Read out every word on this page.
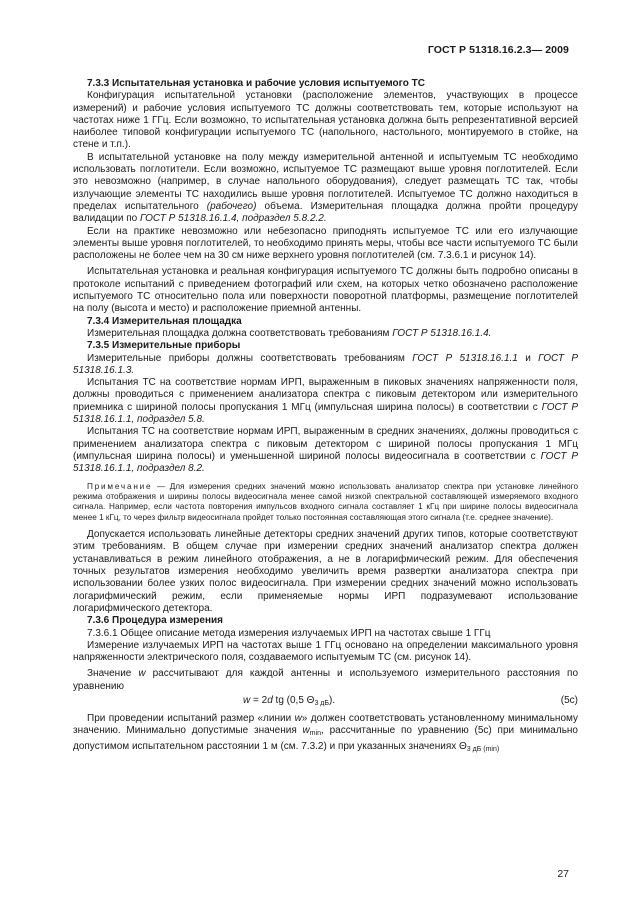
ГОСТ Р 51318.16.2.3— 2009

7.3.3 Испытательная установка и рабочие условия испытуемого ТС

Конфигурация испытательной установки (расположение элементов, участвующих в процессе измерений) и рабочие условия испытуемого ТС должны соответствовать тем, которые используют на частотах ниже 1 ГГц. Если возможно, то испытательная установка должна быть репрезентативной версией наиболее типовой конфигурации испытуемого ТС (напольного, настольного, монтируемого в стойке, на стене и т.п.).

В испытательной установке на полу между измерительной антенной и испытуемым ТС необходимо использовать поглотители. Если возможно, испытуемое ТС размещают выше уровня поглотителей. Если это невозможно (например, в случае напольного оборудования), следует размещать ТС так, чтобы излучающие элементы ТС находились выше уровня поглотителей. Испытуемое ТС должно находиться в пределах испытательного (рабочего) объема. Измерительная площадка должна пройти процедуру валидации по ГОСТ Р 51318.16.1.4, подраздел 5.8.2.2.

Если на практике невозможно или небезопасно приподнять испытуемое ТС или его излучающие элементы выше уровня поглотителей, то необходимо принять меры, чтобы все части испытуемого ТС были расположены не более чем на 30 см ниже верхнего уровня поглотителей (см. 7.3.6.1 и рисунок 14).

Испытательная установка и реальная конфигурация испытуемого ТС должны быть подробно описаны в протоколе испытаний с приведением фотографий или схем, на которых четко обозначено расположение испытуемого ТС относительно пола или поверхности поворотной платформы, размещение поглотителей на полу (высота и место) и расположение приемной антенны.

7.3.4 Измерительная площадка

Измерительная площадка должна соответствовать требованиям ГОСТ Р 51318.16.1.4.

7.3.5 Измерительные приборы

Измерительные приборы должны соответствовать требованиям ГОСТ Р 51318.16.1.1 и ГОСТ Р 51318.16.1.3.

Испытания ТС на соответствие нормам ИРП, выраженным в пиковых значениях напряженности поля, должны проводиться с применением анализатора спектра с пиковым детектором или измерительного приемника с шириной полосы пропускания 1 МГц (импульсная ширина полосы) в соответствии с ГОСТ Р 51318.16.1.1, подраздел 5.8.

Испытания ТС на соответствие нормам ИРП, выраженным в средних значениях, должны проводиться с применением анализатора спектра с пиковым детектором с шириной полосы пропускания 1 МГц (импульсная ширина полосы) и уменьшенной шириной полосы видеосигнала в соответствии с ГОСТ Р 51318.16.1.1, подраздел 8.2.

Примечание — Для измерения средних значений можно использовать анализатор спектра при установке линейного режима отображения и ширины полосы видеосигнала менее самой низкой спектральной составляющей измеряемого входного сигнала. Например, если частота повторения импульсов входного сигнала составляет 1 кГц при ширине полосы видеосигнала менее 1 кГц, то через фильтр видеосигнала пройдет только постоянная составляющая этого сигнала (т.е. среднее значение).

Допускается использовать линейные детекторы средних значений других типов, которые соответствуют этим требованиям. В общем случае при измерении средних значений анализатор спектра должен устанавливаться в режим линейного отображения, а не в логарифмический режим. Для обеспечения точных результатов измерения необходимо увеличить время развертки анализатора спектра при использовании более узких полос видеосигнала. При измерении средних значений можно использовать логарифмический режим, если применяемые нормы ИРП подразумевают использование логарифмического детектора.

7.3.6 Процедура измерения

7.3.6.1 Общее описание метода измерения излучаемых ИРП на частотах свыше 1 ГГц

Измерение излучаемых ИРП на частотах выше 1 ГГц основано на определении максимального уровня напряженности электрического поля, создаваемого испытуемым ТС (см. рисунок 14).

Значение w рассчитывают для каждой антенны и используемого измерительного расстояния по уравнению

w = 2d tg (0,5 $\Theta_{3 дБ}$).	(5с)

При проведении испытаний размер «линии w» должен соответствовать установленному минимальному значению. Минимально допустимые значения $w_{min}$, рассчитанные по уравнению (5с) при минимально допустимом испытательном расстоянии 1 м (см. 7.3.2) и при указанных значениях $\Theta_{3 дБ (min)}$

27
